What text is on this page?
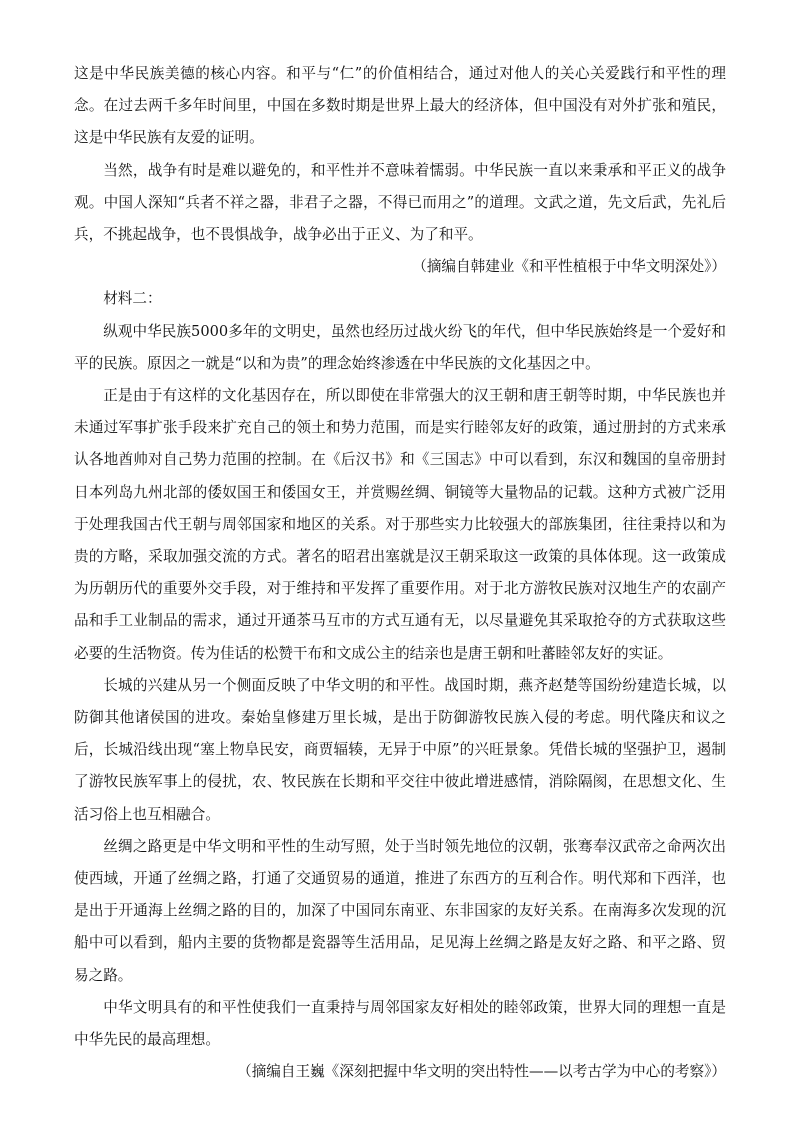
这是中华民族美德的核心内容。和平与“仁”的价值相结合，通过对他人的关心关爱践行和平性的理念。在过去两千多年时间里，中国在多数时期是世界上最大的经济体，但中国没有对外扩张和殖民，这是中华民族有友爱的证明。

当然，战争有时是难以避免的，和平性并不意味着懦弱。中华民族一直以来秉承和平正义的战争观。中国人深知“兵者不祥之器，非君子之器，不得已而用之”的道理。文武之道，先文后武，先礼后兵，不挑起战争，也不畏惧战争，战争必出于正义、为了和平。

（摘编自韩建业《和平性植根于中华文明深处》）

材料二：

纵观中华民族5000多年的文明史，虽然也经历过战火纷飞的年代，但中华民族始终是一个爱好和平的民族。原因之一就是“以和为贵”的理念始终渗透在中华民族的文化基因之中。

正是由于有这样的文化基因存在，所以即使在非常强大的汉王朝和唐王朝等时期，中华民族也并未通过军事扩张手段来扩充自己的领土和势力范围，而是实行睦邻友好的政策，通过册封的方式来承认各地酋帅对自己势力范围的控制。在《后汉书》和《三国志》中可以看到，东汉和魏国的皇帝册封日本列岛九州北部的倭奴国王和倭国女王，并赏赐丝绸、铜镜等大量物品的记载。这种方式被广泛用于处理我国古代王朝与周邻国家和地区的关系。对于那些实力比较强大的部族集团，往往秉持以和为贵的方略，采取加强交流的方式。著名的昭君出塞就是汉王朝采取这一政策的具体体现。这一政策成为历朝历代的重要外交手段，对于维持和平发挥了重要作用。对于北方游牧民族对汉地生产的农副产品和手工业制品的需求，通过开通茶马互市的方式互通有无，以尽量避免其采取抢夺的方式获取这些必要的生活物资。传为佳话的松赞干布和文成公主的结亲也是唐王朝和吐蕃睦邻友好的实证。

长城的兴建从另一个侧面反映了中华文明的和平性。战国时期，燕齐赵楚等国纷纷建造长城，以防御其他诸侯国的进攻。秦始皇修建万里长城，是出于防御游牧民族入侵的考虑。明代隆庆和议之后，长城沿线出现“塞上物阜民安，商贾辐辏，无异于中原”的兴旺景象。凭借长城的坚强护卫，遏制了游牧民族军事上的侵扰，农、牧民族在长期和平交往中彼此增进感情，消除隔阂，在思想文化、生活习俗上也互相融合。

丝绸之路更是中华文明和平性的生动写照，处于当时领先地位的汉朝，张骞奉汉武帝之命两次出使西域，开通了丝绸之路，打通了交通贸易的通道，推进了东西方的互利合作。明代郑和下西洋，也是出于开通海上丝绸之路的目的，加深了中国同东南亚、东非国家的友好关系。在南海多次发现的沉船中可以看到，船内主要的货物都是瓷器等生活用品，足见海上丝绸之路是友好之路、和平之路、贸易之路。

中华文明具有的和平性使我们一直秉持与周邻国家友好相处的睦邻政策，世界大同的理想一直是中华先民的最高理想。

（摘编自王巍《深刻把握中华文明的突出特性——以考古学为中心的考察》）
